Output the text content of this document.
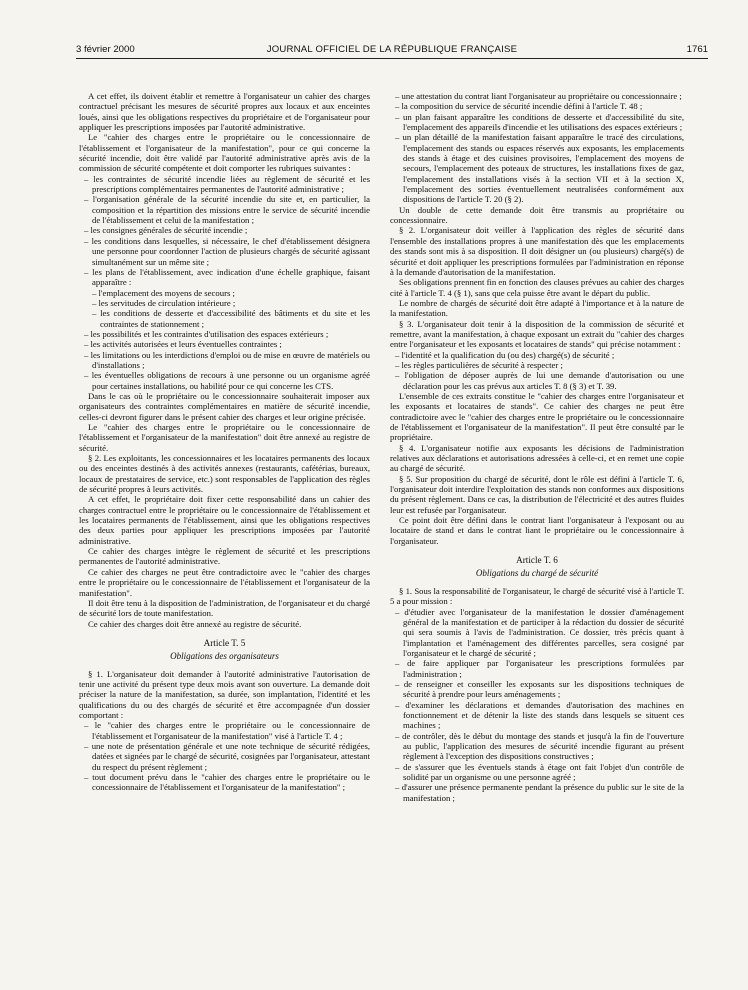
3 février 2000	JOURNAL OFFICIEL DE LA RÉPUBLIQUE FRANÇAISE	1761

A cet effet, ils doivent établir et remettre à l'organisateur un cahier des charges contractuel précisant les mesures de sécurité propres aux locaux et aux enceintes loués, ainsi que les obligations respectives du propriétaire et de l'organisateur pour appliquer les prescriptions imposées par l'autorité administrative.

Le "cahier des charges entre le propriétaire ou le concessionnaire de l'établissement et l'organisateur de la manifestation", pour ce qui concerne la sécurité incendie, doit être validé par l'autorité administrative après avis de la commission de sécurité compétente et doit comporter les rubriques suivantes :

– les contraintes de sécurité incendie liées au règlement de sécurité et les prescriptions complémentaires permanentes de l'autorité administrative ;
– l'organisation générale de la sécurité incendie du site et, en particulier, la composition et la répartition des missions entre le service de sécurité incendie de l'établissement et celui de la manifestation ;
– les consignes générales de sécurité incendie ;
– les conditions dans lesquelles, si nécessaire, le chef d'établissement désignera une personne pour coordonner l'action de plusieurs chargés de sécurité agissant simultanément sur un même site ;
– les plans de l'établissement, avec indication d'une échelle graphique, faisant apparaître :
– l'emplacement des moyens de secours ;
– les servitudes de circulation intérieure ;
– les conditions de desserte et d'accessibilité des bâtiments et du site et les contraintes de stationnement ;
– les possibilités et les contraintes d'utilisation des espaces extérieurs ;
– les activités autorisées et leurs éventuelles contraintes ;
– les limitations ou les interdictions d'emploi ou de mise en œuvre de matériels ou d'installations ;
– les éventuelles obligations de recours à une personne ou un organisme agréé pour certaines installations, ou habilité pour ce qui concerne les CTS.

Dans le cas où le propriétaire ou le concessionnaire souhaiterait imposer aux organisateurs des contraintes complémentaires en matière de sécurité incendie, celles-ci devront figurer dans le présent cahier des charges et leur origine précisée.

Le "cahier des charges entre le propriétaire ou le concessionnaire de l'établissement et l'organisateur de la manifestation" doit être annexé au registre de sécurité.

§ 2. Les exploitants, les concessionnaires et les locataires permanents des locaux ou des enceintes destinés à des activités annexes (restaurants, cafétérias, bureaux, locaux de prestataires de service, etc.) sont responsables de l'application des règles de sécurité propres à leurs activités.

A cet effet, le propriétaire doit fixer cette responsabilité dans un cahier des charges contractuel entre le propriétaire ou le concessionnaire de l'établissement et les locataires permanents de l'établissement, ainsi que les obligations respectives des deux parties pour appliquer les prescriptions imposées par l'autorité administrative.

Ce cahier des charges intègre le règlement de sécurité et les prescriptions permanentes de l'autorité administrative.

Ce cahier des charges ne peut être contradictoire avec le "cahier des charges entre le propriétaire ou le concessionnaire de l'établissement et l'organisateur de la manifestation".

Il doit être tenu à la disposition de l'administration, de l'organisateur et du chargé de sécurité lors de toute manifestation.

Ce cahier des charges doit être annexé au registre de sécurité.

Article T. 5
Obligations des organisateurs

§ 1. L'organisateur doit demander à l'autorité administrative l'autorisation de tenir une activité du présent type deux mois avant son ouverture. La demande doit préciser la nature de la manifestation, sa durée, son implantation, l'identité et les qualifications du ou des chargés de sécurité et être accompagnée d'un dossier comportant :

– le "cahier des charges entre le propriétaire ou le concessionnaire de l'établissement et l'organisateur de la manifestation" visé à l'article T. 4 ;
– une note de présentation générale et une note technique de sécurité rédigées, datées et signées par le chargé de sécurité, cosignées par l'organisateur, attestant du respect du présent règlement ;
– tout document prévu dans le "cahier des charges entre le propriétaire ou le concessionnaire de l'établissement et l'organisateur de la manifestation" ;
– une attestation du contrat liant l'organisateur au propriétaire ou concessionnaire ;
– la composition du service de sécurité incendie défini à l'article T. 48 ;
– un plan faisant apparaître les conditions de desserte et d'accessibilité du site, l'emplacement des appareils d'incendie et les utilisations des espaces extérieurs ;
– un plan détaillé de la manifestation faisant apparaître le tracé des circulations, l'emplacement des stands ou espaces réservés aux exposants, les emplacements des stands à étage et des cuisines provisoires, l'emplacement des moyens de secours, l'emplacement des poteaux de structures, les installations fixes de gaz, l'emplacement des installations visés à la section VII et à la section X, l'emplacement des sorties éventuellement neutralisées conformément aux dispositions de l'article T. 20 (§ 2).

Un double de cette demande doit être transmis au propriétaire ou concessionnaire.

§ 2. L'organisateur doit veiller à l'application des règles de sécurité dans l'ensemble des installations propres à une manifestation dès que les emplacements des stands sont mis à sa disposition. Il doit désigner un (ou plusieurs) chargé(s) de sécurité et doit appliquer les prescriptions formulées par l'administration en réponse à la demande d'autorisation de la manifestation.

Ses obligations prennent fin en fonction des clauses prévues au cahier des charges cité à l'article T. 4 (§ 1), sans que cela puisse être avant le départ du public.

Le nombre de chargés de sécurité doit être adapté à l'importance et à la nature de la manifestation.

§ 3. L'organisateur doit tenir à la disposition de la commission de sécurité et remettre, avant la manifestation, à chaque exposant un extrait du "cahier des charges entre l'organisateur et les exposants et locataires de stands" qui précise notamment :

– l'identité et la qualification du (ou des) chargé(s) de sécurité ;
– les règles particulières de sécurité à respecter ;
– l'obligation de déposer auprès de lui une demande d'autorisation ou une déclaration pour les cas prévus aux articles T. 8 (§ 3) et T. 39.

L'ensemble de ces extraits constitue le "cahier des charges entre l'organisateur et les exposants et locataires de stands". Ce cahier des charges ne peut être contradictoire avec le "cahier des charges entre le propriétaire ou le concessionnaire de l'établissement et l'organisateur de la manifestation". Il peut être consulté par le propriétaire.

§ 4. L'organisateur notifie aux exposants les décisions de l'administration relatives aux déclarations et autorisations adressées à celle-ci, et en remet une copie au chargé de sécurité.

§ 5. Sur proposition du chargé de sécurité, dont le rôle est défini à l'article T. 6, l'organisateur doit interdire l'exploitation des stands non conformes aux dispositions du présent règlement. Dans ce cas, la distribution de l'électricité et des autres fluides leur est refusée par l'organisateur.

Ce point doit être défini dans le contrat liant l'organisateur à l'exposant ou au locataire de stand et dans le contrat liant le propriétaire ou le concessionnaire à l'organisateur.

Article T. 6
Obligations du chargé de sécurité

§ 1. Sous la responsabilité de l'organisateur, le chargé de sécurité visé à l'article T. 5 a pour mission :

– d'étudier avec l'organisateur de la manifestation le dossier d'aménagement général de la manifestation et de participer à la rédaction du dossier de sécurité qui sera soumis à l'avis de l'administration. Ce dossier, très précis quant à l'implantation et l'aménagement des différentes parcelles, sera cosigné par l'organisateur et le chargé de sécurité ;
– de faire appliquer par l'organisateur les prescriptions formulées par l'administration ;
– de renseigner et conseiller les exposants sur les dispositions techniques de sécurité à prendre pour leurs aménagements ;
– d'examiner les déclarations et demandes d'autorisation des machines en fonctionnement et de détenir la liste des stands dans lesquels se situent ces machines ;
– de contrôler, dès le début du montage des stands et jusqu'à la fin de l'ouverture au public, l'application des mesures de sécurité incendie figurant au présent règlement à l'exception des dispositions constructives ;
– de s'assurer que les éventuels stands à étage ont fait l'objet d'un contrôle de solidité par un organisme ou une personne agréé ;
– d'assurer une présence permanente pendant la présence du public sur le site de la manifestation ;
